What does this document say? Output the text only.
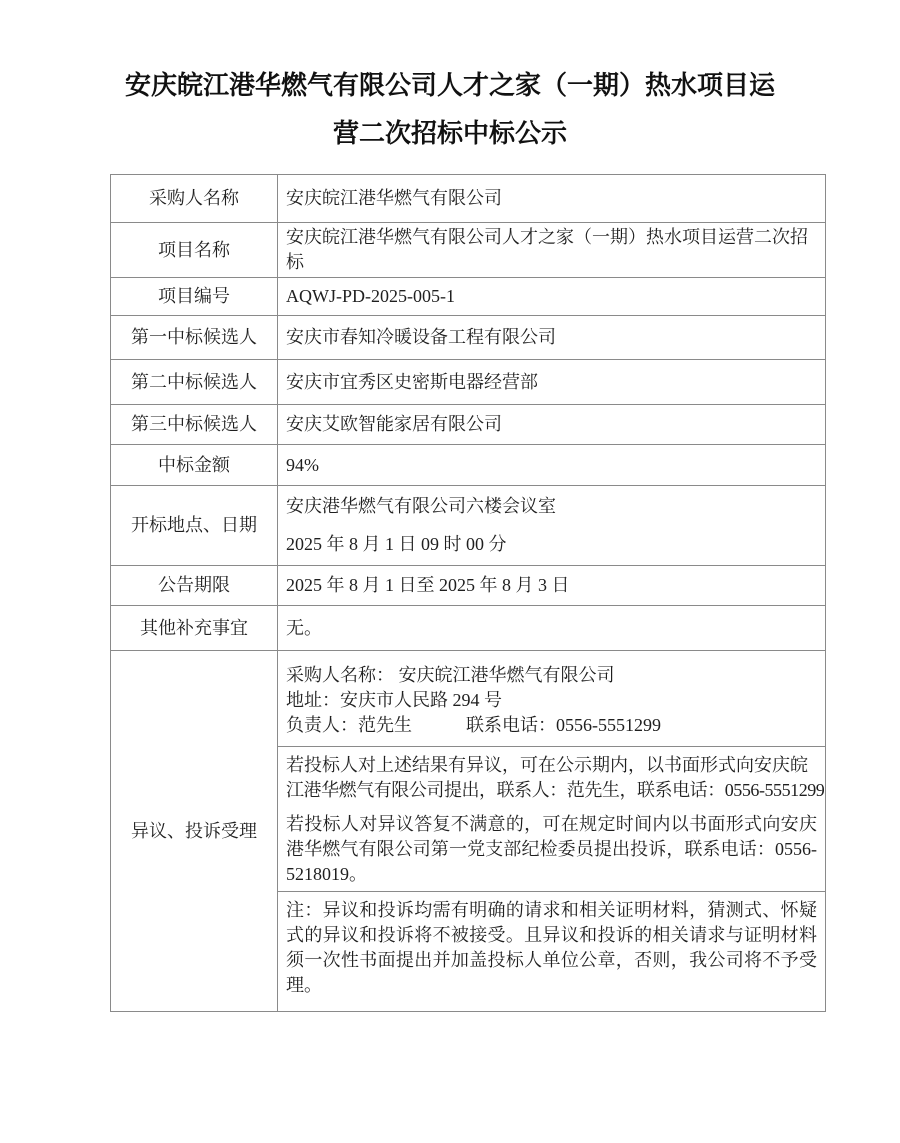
安庆皖江港华燃气有限公司人才之家（一期）热水项目运
营二次招标中标公示
采购人名称	安庆皖江港华燃气有限公司
项目名称	安庆皖江港华燃气有限公司人才之家（一期）热水项目运营二次招标
项目编号	AQWJ-PD-2025-005-1
第一中标候选人	安庆市春知冷暖设备工程有限公司
第二中标候选人	安庆市宜秀区史密斯电器经营部
第三中标候选人	安庆艾欧智能家居有限公司
中标金额	94%
开标地点、日期	安庆港华燃气有限公司六楼会议室
2025 年 8 月 1 日 09 时 00 分

公告期限	2025 年 8 月 1 日至 2025 年 8 月 3 日
其他补充事宜	无。
异议、投诉受理	
采购人名称： 安庆皖江港华燃气有限公司
地址：安庆市人民路 294 号
负责人：范先生　　　联系电话：0556-5551299
若投标人对上述结果有异议，可在公示期内，以书面形式向安庆皖
江港华燃气有限公司提出，联系人：范先生，联系电话：0556-5551299
若投标人对异议答复不满意的，可在规定时间内以书面形式向安庆港华燃气有限公司第一党支部纪检委员提出投诉，联系电话：0556-5218019。
注：异议和投诉均需有明确的请求和相关证明材料，猜测式、怀疑式的异议和投诉将不被接受。且异议和投诉的相关请求与证明材料须一次性书面提出并加盖投标人单位公章，否则，我公司将不予受理。
